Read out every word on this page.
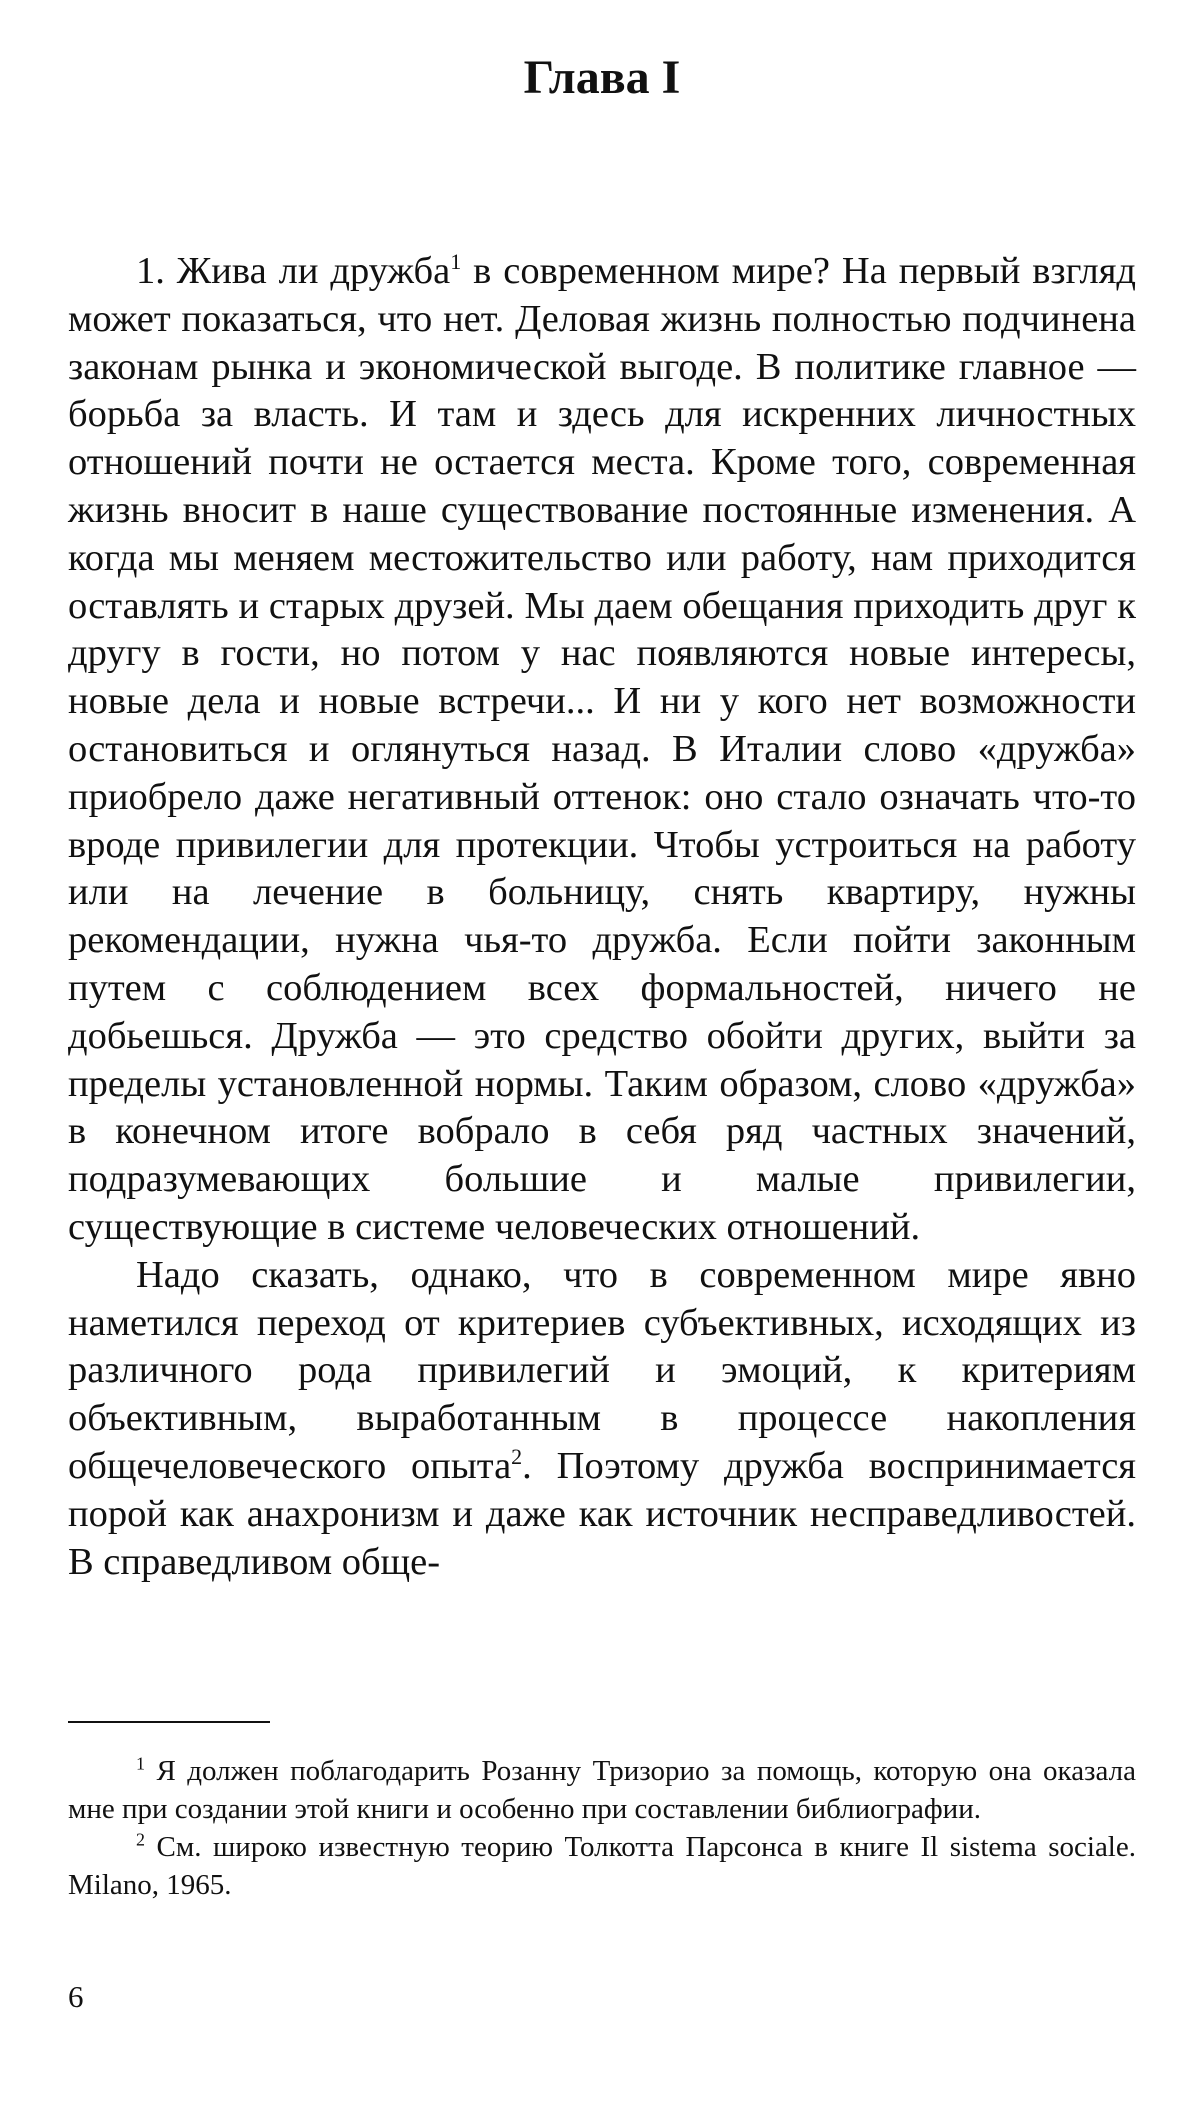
Глава I

1. Жива ли дружба$^1$ в современном мире? На первый взгляд может показаться, что нет. Деловая жизнь полностью подчинена законам рынка и экономической выгоде. В политике главное — борьба за власть. И там и здесь для искренних личностных отношений почти не остается места. Кроме того, современная жизнь вносит в наше существование постоянные изменения. А когда мы меняем местожительство или работу, нам приходится оставлять и старых друзей. Мы даем обещания приходить друг к другу в гости, но потом у нас появляются новые интересы, новые дела и новые встречи... И ни у кого нет возможности остановиться и оглянуться назад. В Италии слово «дружба» приобрело даже негативный оттенок: оно стало означать что-то вроде привилегии для протекции. Чтобы устроиться на работу или на лечение в больницу, снять квартиру, нужны рекомендации, нужна чья-то дружба. Если пойти законным путем с соблюдением всех формальностей, ничего не добьешься. Дружба — это средство обойти других, выйти за пределы установленной нормы. Таким образом, слово «дружба» в конечном итоге вобрало в себя ряд частных значений, подразумевающих большие и малые привилегии, существующие в системе человеческих отношений.

Надо сказать, однако, что в современном мире явно наметился переход от критериев субъективных, исходящих из различного рода привилегий и эмоций, к критериям объективным, выработанным в процессе накопления общечеловеческого опыта$^2$. Поэтому дружба воспринимается порой как анахронизм и даже как источник несправедливостей. В справедливом обще-

$^1$ Я должен поблагодарить Розанну Тризорио за помощь, которую она оказала мне при создании этой книги и особенно при составлении библиографии.

$^2$ См. широко известную теорию Толкотта Парсонса в книге Il sistema sociale. Milano, 1965.

6
